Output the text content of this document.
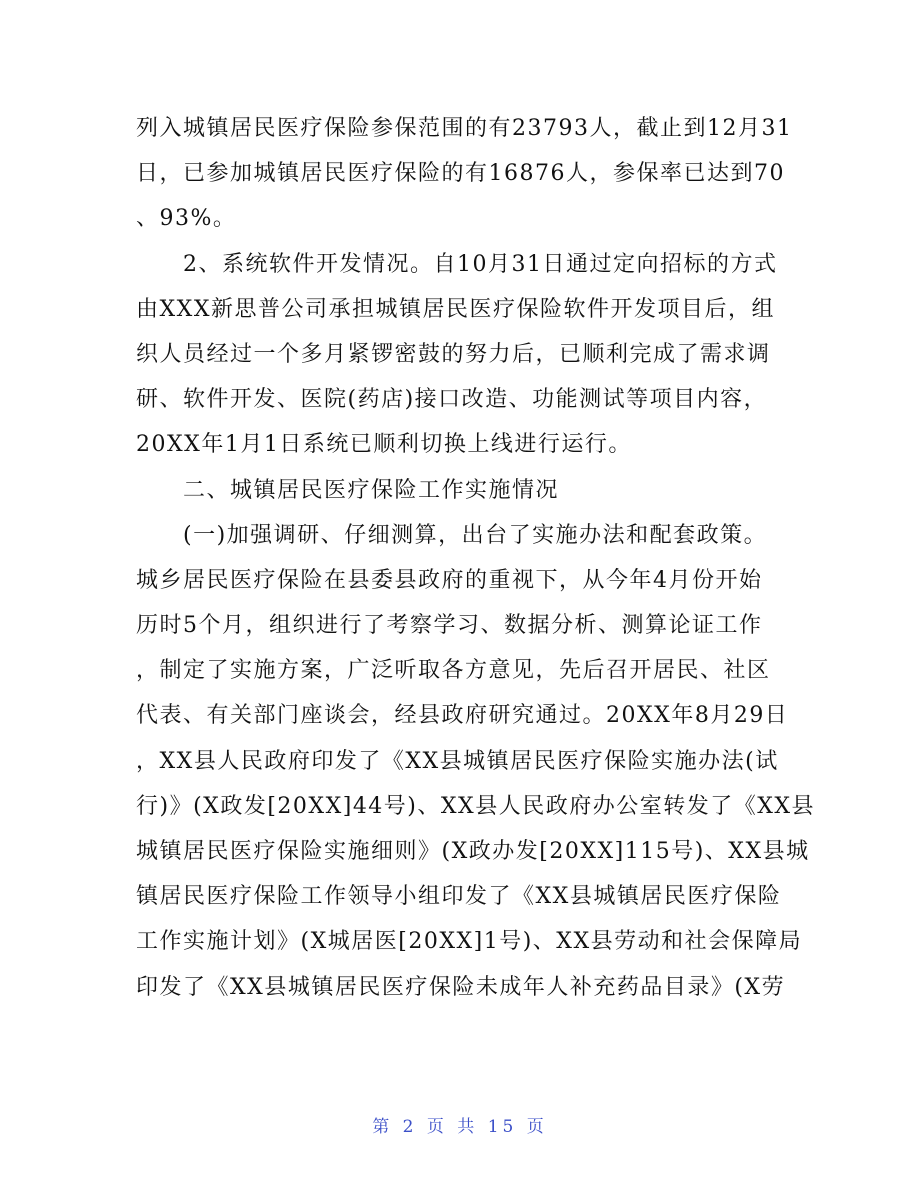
列入城镇居民医疗保险参保范围的有23793人，截止到12月31
日，已参加城镇居民医疗保险的有16876人，参保率已达到70
、93%。
　　2、系统软件开发情况。自10月31日通过定向招标的方式
由XXX新思普公司承担城镇居民医疗保险软件开发项目后，组
织人员经过一个多月紧锣密鼓的努力后，已顺利完成了需求调
研、软件开发、医院(药店)接口改造、功能测试等项目内容，
20XX年1月1日系统已顺利切换上线进行运行。
　　二、城镇居民医疗保险工作实施情况
　　(一)加强调研、仔细测算，出台了实施办法和配套政策。
城乡居民医疗保险在县委县政府的重视下，从今年4月份开始
历时5个月，组织进行了考察学习、数据分析、测算论证工作
，制定了实施方案，广泛听取各方意见，先后召开居民、社区
代表、有关部门座谈会，经县政府研究通过。20XX年8月29日
，XX县人民政府印发了《XX县城镇居民医疗保险实施办法(试
行)》(X政发[20XX]44号)、XX县人民政府办公室转发了《XX县
城镇居民医疗保险实施细则》(X政办发[20XX]115号)、XX县城
镇居民医疗保险工作领导小组印发了《XX县城镇居民医疗保险
工作实施计划》(X城居医[20XX]1号)、XX县劳动和社会保障局
印发了《XX县城镇居民医疗保险未成年人补充药品目录》(X劳
第 2 页 共 15 页
